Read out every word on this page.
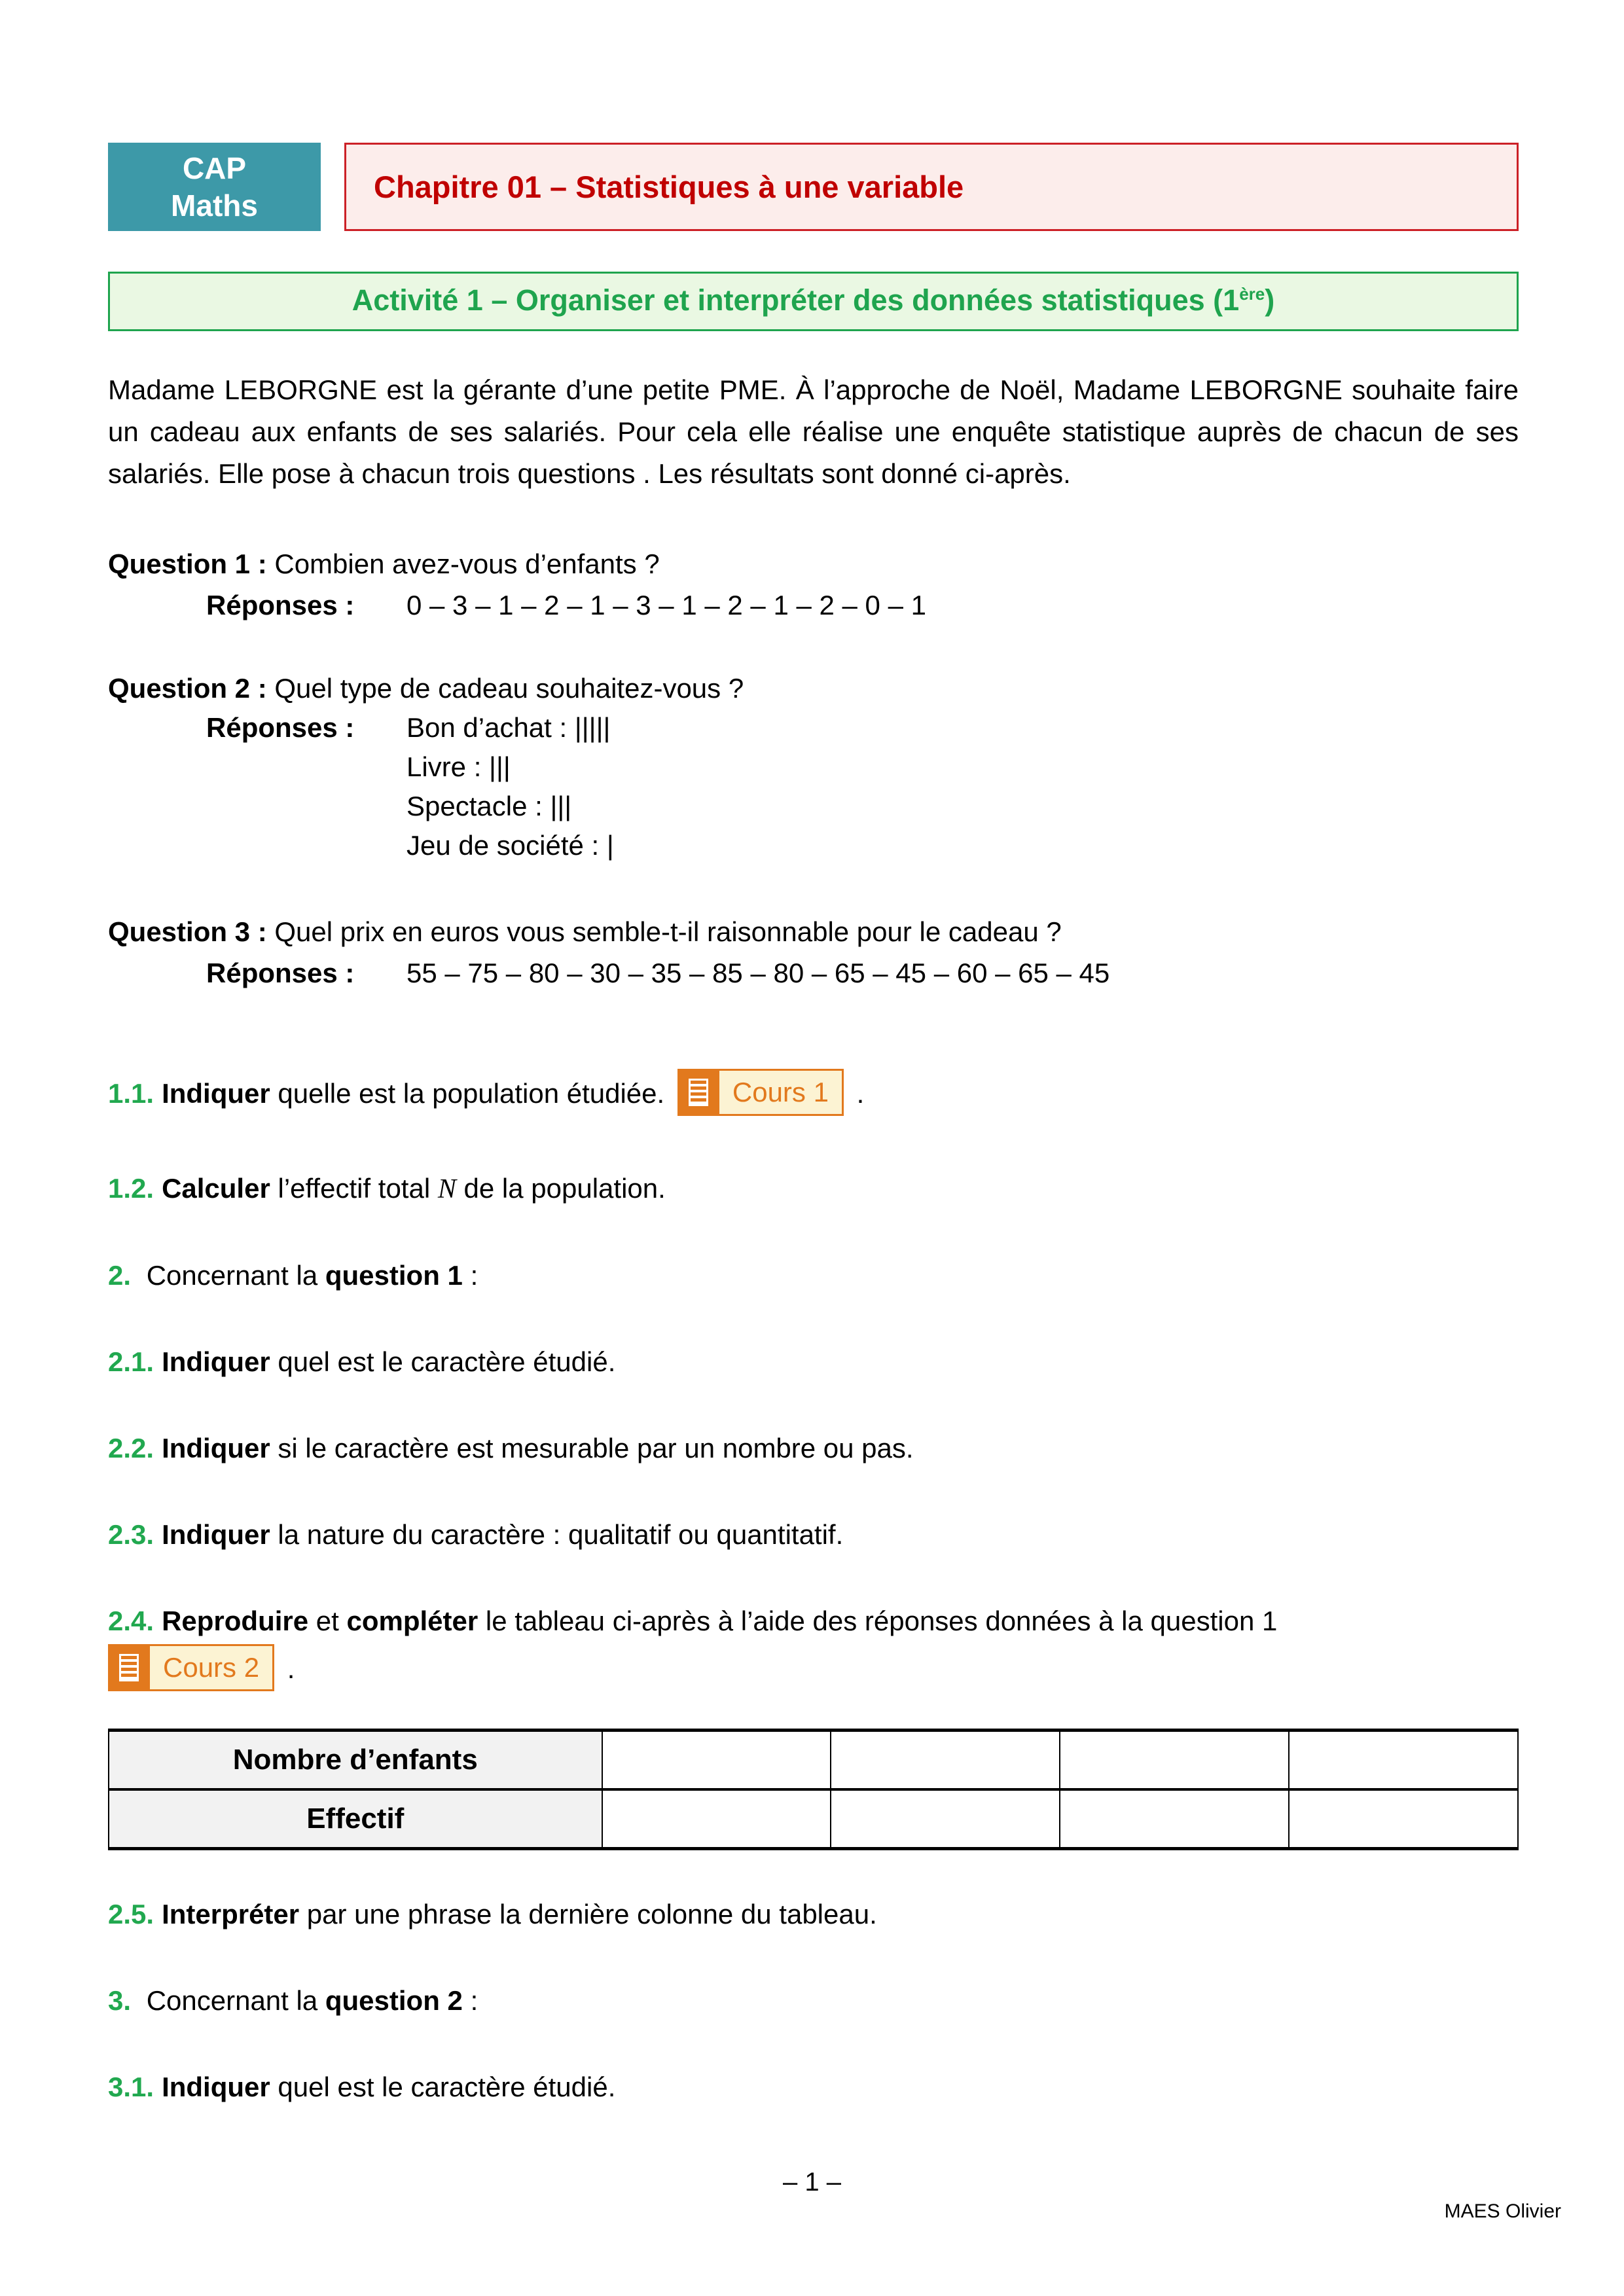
CAP
Maths
Chapitre 01 – Statistiques à une variable
Activité 1 – Organiser et interpréter des données statistiques (1ère)

Madame LEBORGNE est la gérante d’une petite PME. À l’approche de Noël, Madame LEBORGNE souhaite faire un cadeau aux enfants de ses salariés. Pour cela elle réalise une enquête statistique auprès de chacun de ses salariés. Elle pose à chacun trois questions . Les résultats sont donné ci-après.

Question 1 : Combien avez-vous d’enfants ?
Réponses : 0 – 3 – 1 – 2 – 1 – 3 – 1 – 2 – 1 – 2 – 0 – 1
Question 2 : Quel type de cadeau souhaitez-vous ?
Réponses :	Bon d’achat : |||||
Livre : |||
Spectacle : |||
Jeu de société : |
Question 3 : Quel prix en euros vous semble-t-il raisonnable pour le cadeau ?
Réponses : 55 – 75 – 80 – 30 – 35 – 85 – 80 – 65 – 45 – 60 – 65 – 45
1.1. Indiquer quelle est la population étudiée.	Cours 1 .
1.2. Calculer l’effectif total N de la population.
2. Concernant la question 1 :
2.1. Indiquer quel est le caractère étudié.
2.2. Indiquer si le caractère est mesurable par un nombre ou pas.
2.3. Indiquer la nature du caractère : qualitatif ou quantitatif.
2.4. Reproduire et compléter le tableau ci-après à l’aide des réponses données à la question 1
Cours 2 .
Nombre d’enfants				
Effectif				
2.5. Interpréter par une phrase la dernière colonne du tableau.
3. Concernant la question 2 :
3.1. Indiquer quel est le caractère étudié.
– 1 –
MAES Olivier
